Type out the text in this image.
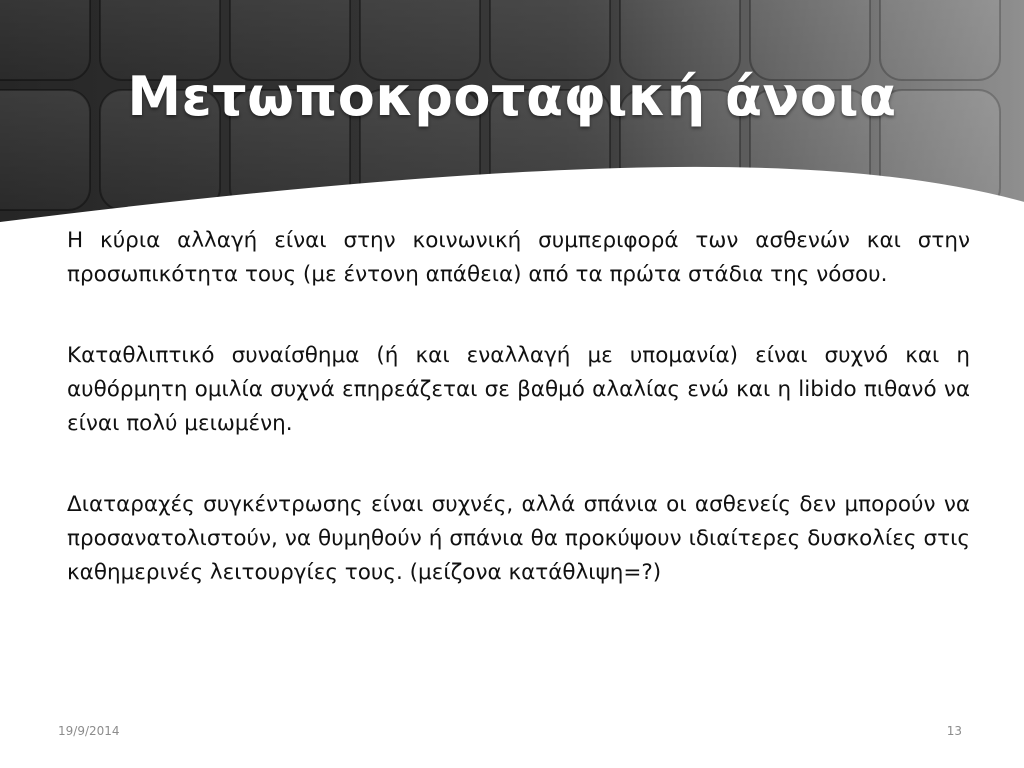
Μετωποκροταφική άνοια

Η κύρια αλλαγή είναι στην κοινωνική συμπεριφορά των ασθενών και στην προσωπικότητα τους (με έντονη απάθεια) από τα πρώτα στάδια της νόσου.

Καταθλιπτικό συναίσθημα (ή και εναλλαγή με υπομανία) είναι συχνό και η αυθόρμητη ομιλία συχνά επηρεάζεται σε βαθμό αλαλίας ενώ και η libido πιθανό να είναι πολύ μειωμένη.

Διαταραχές συγκέντρωσης είναι συχνές, αλλά σπάνια οι ασθενείς δεν μπορούν να προσανατολιστούν, να θυμηθούν ή σπάνια θα προκύψουν ιδιαίτερες δυσκολίες στις καθημερινές λειτουργίες τους. (μείζονα κατάθλιψη=?)

19/9/2014	13
